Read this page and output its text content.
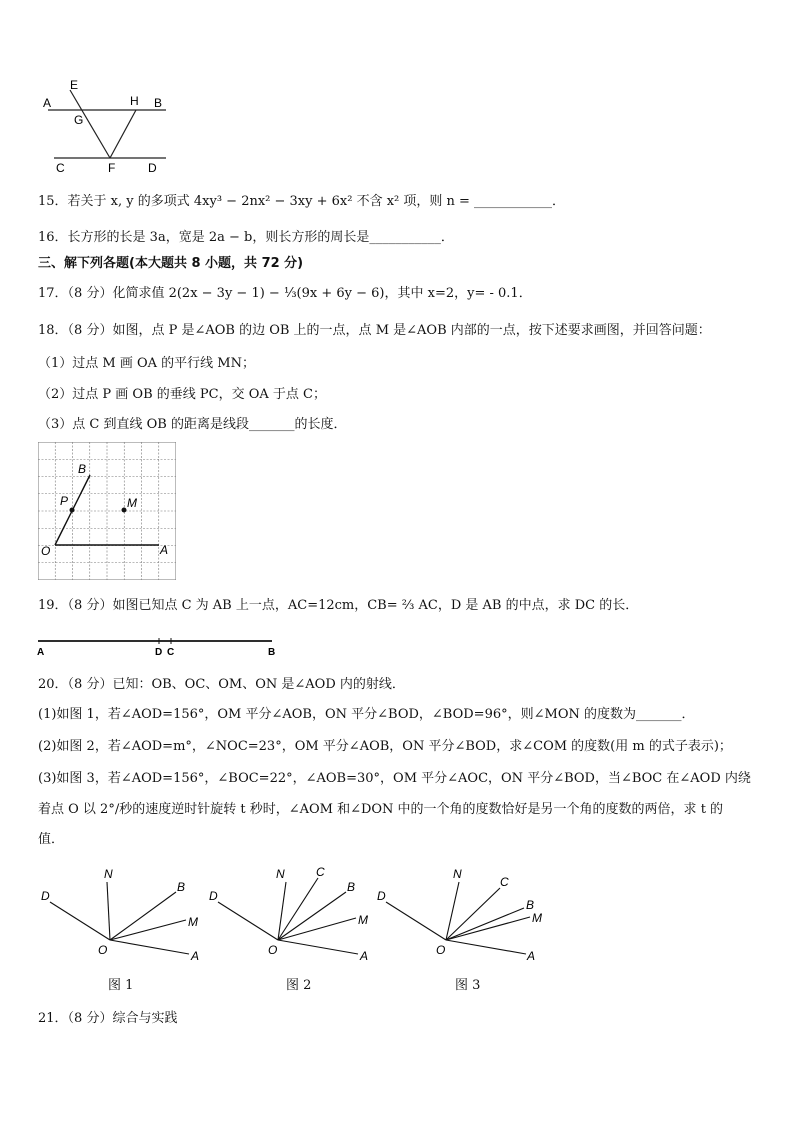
A	B
E
G
H
C	F	D
15．若关于 x, y 的多项式 4xy³ − 2nx² − 3xy + 6x² 不含 x² 项，则 n = ____________．
16．长方形的长是 3a，宽是 2a − b，则长方形的周长是___________．
三、解下列各题(本大题共 8 小题，共 72 分)
17．（8 分）化简求值 2(2x − 3y − 1) − ⅓(9x + 6y − 6)，其中 x=2，y= - 0.1．
18．（8 分）如图，点 P 是∠AOB 的边 OB 上的一点，点 M 是∠AOB 内部的一点，按下述要求画图，并回答问题：
（1）过点 M 画 OA 的平行线 MN；
（2）过点 P 画 OB 的垂线 PC，交 OA 于点 C；
（3）点 C 到直线 OB 的距离是线段_______的长度．
O	A
B
P	M
19．（8 分）如图已知点 C 为 AB 上一点，AC=12cm，CB= ⅔ AC，D 是 AB 的中点，求 DC 的长．
A	D C	B
20．（8 分）已知：OB、OC、OM、ON 是∠AOD 内的射线．
(1)如图 1，若∠AOD=156°，OM 平分∠AOB，ON 平分∠BOD，∠BOD=96°，则∠MON 的度数为_______．
(2)如图 2，若∠AOD=m°，∠NOC=23°，OM 平分∠AOB，ON 平分∠BOD，求∠COM 的度数(用 m 的式子表示)；
(3)如图 3，若∠AOD=156°，∠BOC=22°，∠AOB=30°，OM 平分∠AOC，ON 平分∠BOD，当∠BOC 在∠AOD 内绕
着点 O 以 2°/秒的速度逆时针旋转 t 秒时，∠AOM 和∠DON 中的一个角的度数恰好是另一个角的度数的两倍，求 t 的
值．
D
N
B
M
A
O
D
N	C
B
M
A
O
D
N
C
B
M
A
O
图 1	图 2	图 3
21．（8 分）综合与实践
